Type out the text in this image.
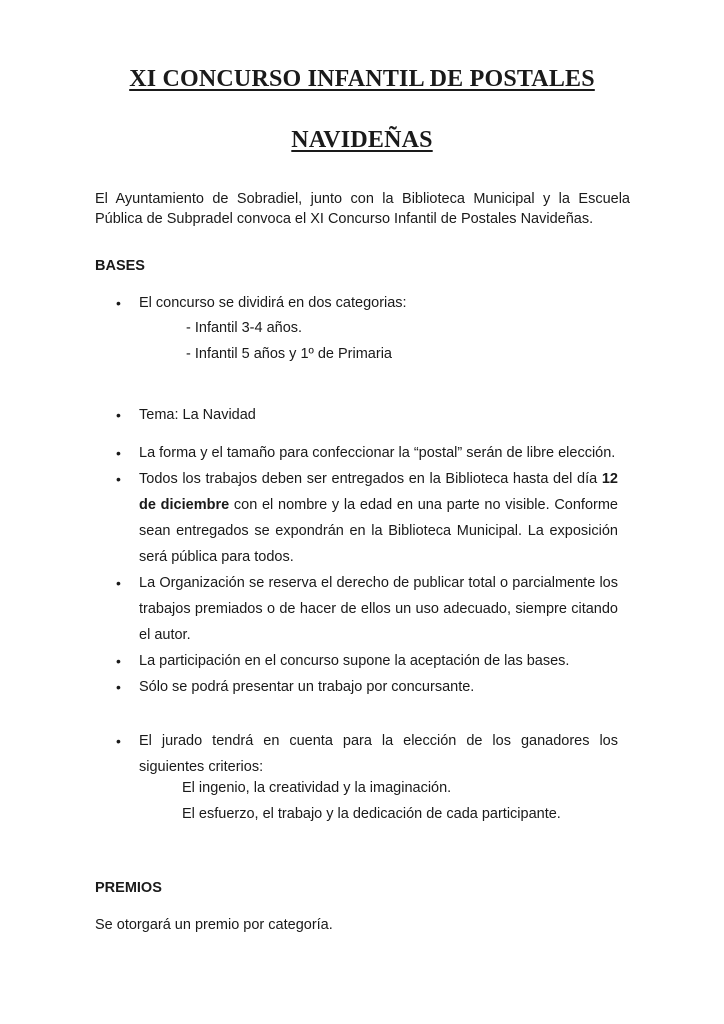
XI CONCURSO INFANTIL DE POSTALES
NAVIDEÑAS

El Ayuntamiento de Sobradiel, junto con la Biblioteca Municipal y la Escuela Pública de Subpradel convoca el XI Concurso Infantil de Postales Navideñas.

BASES
• El concurso se dividirá en dos categorias:

- Infantil 3-4 años.

- Infantil 5 años y 1º de Primaria

• Tema: La Navidad

• La forma y el tamaño para confeccionar la “postal” serán de libre elección.

• Todos los trabajos deben ser entregados en la Biblioteca hasta del día 12 de diciembre con el nombre y la edad en una parte no visible. Conforme sean entregados se expondrán en la Biblioteca Municipal. La exposición será pública para todos.

• La Organización se reserva el derecho de publicar total o parcialmente los trabajos premiados o de hacer de ellos un uso adecuado, siempre citando el autor.

• La participación en el concurso supone la aceptación de las bases.

• Sólo se podrá presentar un trabajo por concursante.

• El jurado tendrá en cuenta para la elección de los ganadores los siguientes criterios:

El ingenio, la creatividad y la imaginación.

El esfuerzo, el trabajo y la dedicación de cada participante.

PREMIOS

Se otorgará un premio por categoría.
